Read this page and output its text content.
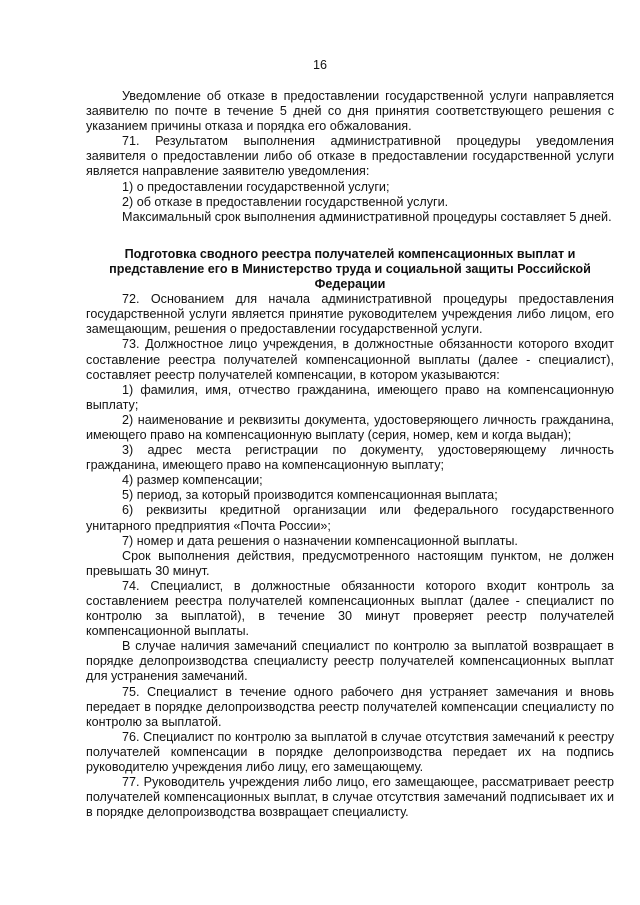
16

Уведомление об отказе в предоставлении государственной услуги направляется заявителю по почте в течение 5 дней со дня принятия соответствующего решения с указанием причины отказа и порядка его обжалования.

71. Результатом выполнения административной процедуры уведомления заявителя о предоставлении либо об отказе в предоставлении государственной услуги является направление заявителю уведомления:

1) о предоставлении государственной услуги;

2) об отказе в предоставлении государственной услуги.

Максимальный срок выполнения административной процедуры составляет 5 дней.

Подготовка сводного реестра получателей компенсационных выплат и представление его в Министерство труда и социальной защиты Российской Федерации

72. Основанием для начала административной процедуры предоставления государственной услуги является принятие руководителем учреждения либо лицом, его замещающим, решения о предоставлении государственной услуги.

73. Должностное лицо учреждения, в должностные обязанности которого входит составление реестра получателей компенсационной выплаты (далее - специалист), составляет реестр получателей компенсации, в котором указываются:

1) фамилия, имя, отчество гражданина, имеющего право на компенсационную выплату;

2) наименование и реквизиты документа, удостоверяющего личность гражданина, имеющего право на компенсационную выплату (серия, номер, кем и когда выдан);

3) адрес места регистрации по документу, удостоверяющему личность гражданина, имеющего право на компенсационную выплату;

4) размер компенсации;

5) период, за который производится компенсационная выплата;

6) реквизиты кредитной организации или федерального государственного унитарного предприятия «Почта России»;

7) номер и дата решения о назначении компенсационной выплаты.

Срок выполнения действия, предусмотренного настоящим пунктом, не должен превышать 30 минут.

74. Специалист, в должностные обязанности которого входит контроль за составлением реестра получателей компенсационных выплат (далее - специалист по контролю за выплатой), в течение 30 минут проверяет реестр получателей компенсационной выплаты.

В случае наличия замечаний специалист по контролю за выплатой возвращает в порядке делопроизводства специалисту реестр получателей компенсационных выплат для устранения замечаний.

75. Специалист в течение одного рабочего дня устраняет замечания и вновь передает в порядке делопроизводства реестр получателей компенсации специалисту по контролю за выплатой.

76. Специалист по контролю за выплатой в случае отсутствия замечаний к реестру получателей компенсации в порядке делопроизводства передает их на подпись руководителю учреждения либо лицу, его замещающему.

77. Руководитель учреждения либо лицо, его замещающее, рассматривает реестр получателей компенсационных выплат, в случае отсутствия замечаний подписывает их и в порядке делопроизводства возвращает специалисту.
